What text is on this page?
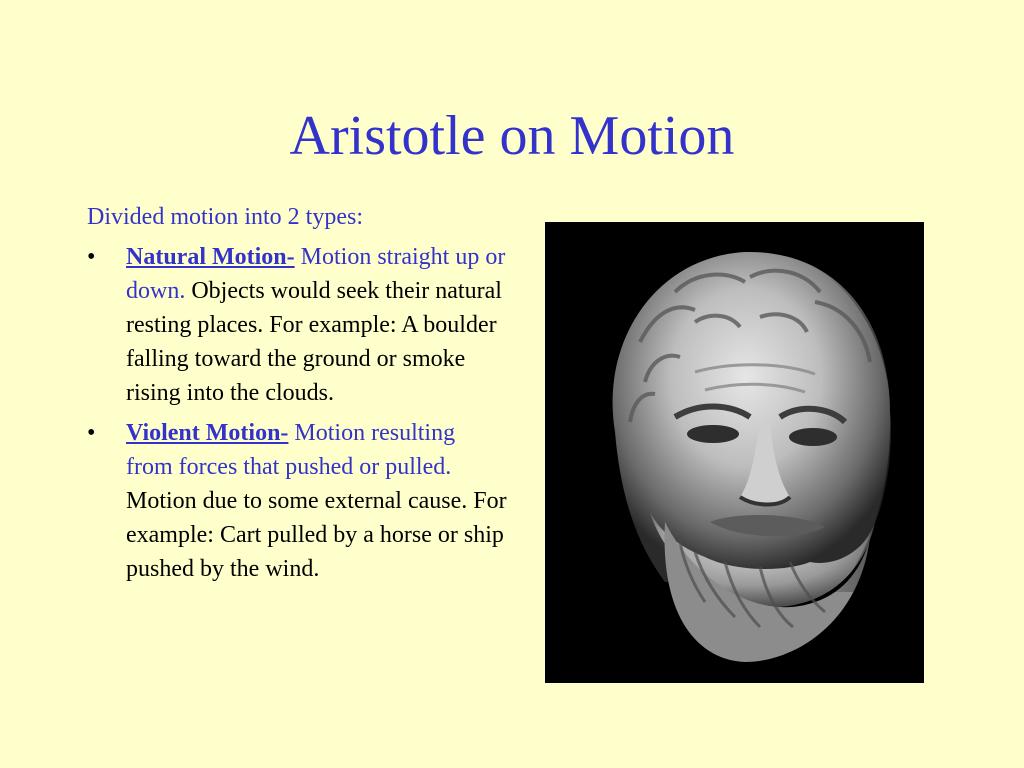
Aristotle on Motion
Divided motion into 2 types:
• Natural Motion- Motion straight up or down. Objects would seek their natural resting places. For example: A boulder falling toward the ground or smoke rising into the clouds.
• Violent Motion- Motion resulting from forces that pushed or pulled. Motion due to some external cause. For example: Cart pulled by a horse or ship pushed by the wind.
